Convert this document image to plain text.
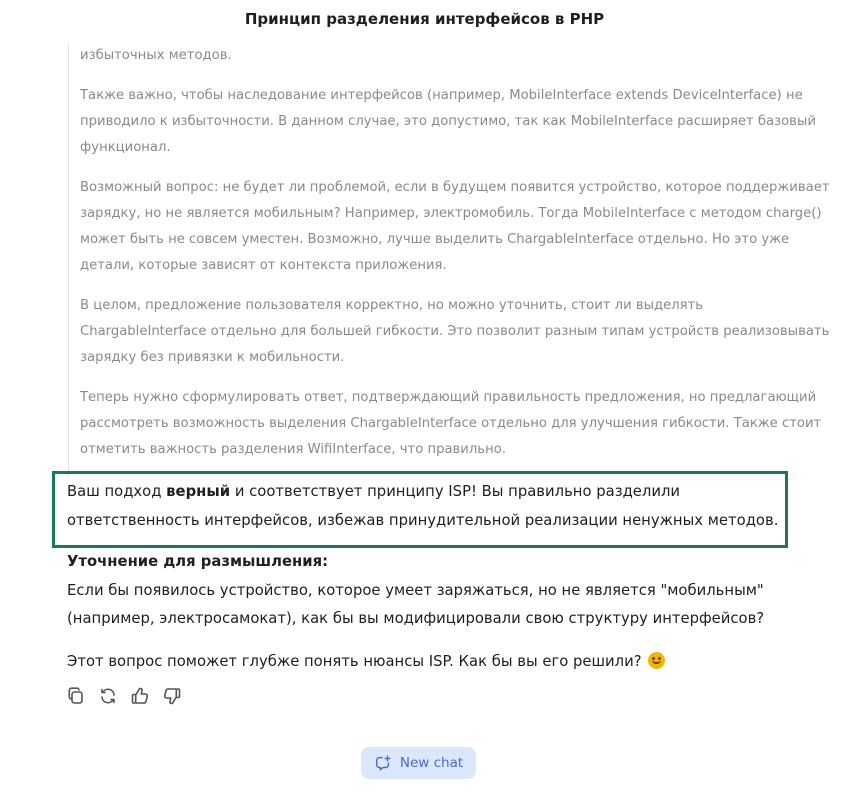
Принцип разделения интерфейсов в PHP

избыточных методов.

Также важно, чтобы наследование интерфейсов (например, MobileInterface extends DeviceInterface) не приводило к избыточности. В данном случае, это допустимо, так как MobileInterface расширяет базовый функционал.

Возможный вопрос: не будет ли проблемой, если в будущем появится устройство, которое поддерживает зарядку, но не является мобильным? Например, электромобиль. Тогда MobileInterface с методом charge() может быть не совсем уместен. Возможно, лучше выделить ChargableInterface отдельно. Но это уже детали, которые зависят от контекста приложения.

В целом, предложение пользователя корректно, но можно уточнить, стоит ли выделять ChargableInterface отдельно для большей гибкости. Это позволит разным типам устройств реализовывать зарядку без привязки к мобильности.

Теперь нужно сформулировать ответ, подтверждающий правильность предложения, но предлагающий рассмотреть возможность выделения ChargableInterface отдельно для улучшения гибкости. Также стоит отметить важность разделения WifiInterface, что правильно.

Ваш подход верный и соответствует принципу ISP! Вы правильно разделили ответственность интерфейсов, избежав принудительной реализации ненужных методов.
Уточнение для размышления:
Если бы появилось устройство, которое умеет заряжаться, но не является "мобильным" (например, электросамокат), как бы вы модифицировали свою структуру интерфейсов?
Этот вопрос поможет глубже понять нюансы ISP. Как бы вы его решили?
New chat
